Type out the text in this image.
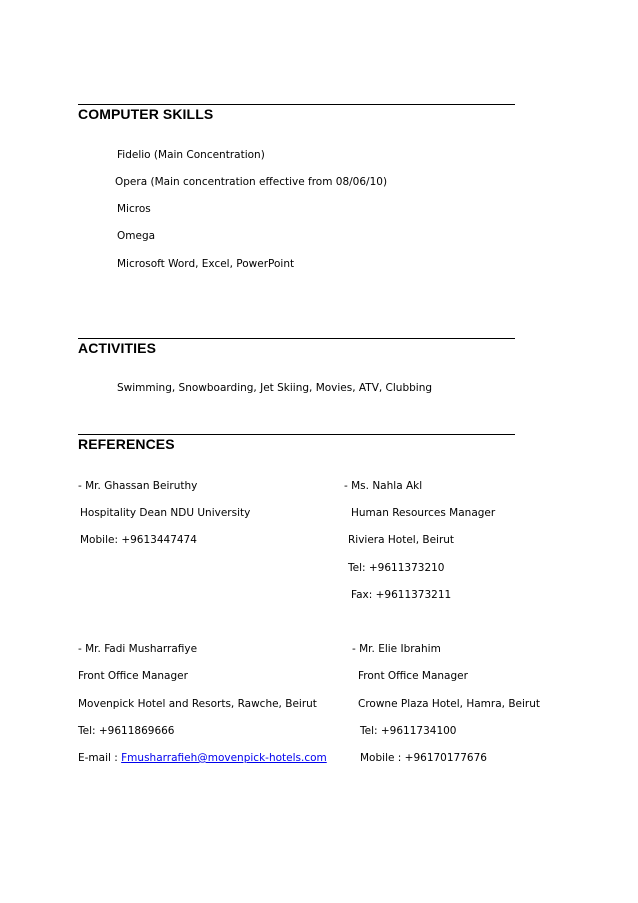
COMPUTER SKILLS
Fidelio (Main Concentration)
Opera (Main concentration effective from 08/06/10)
Micros
Omega
Microsoft Word, Excel, PowerPoint
ACTIVITIES
Swimming, Snowboarding, Jet Skiing, Movies, ATV, Clubbing
REFERENCES
- Mr. Ghassan Beiruthy
Hospitality Dean NDU University
Mobile: +9613447474
- Ms. Nahla Akl
Human Resources Manager
Riviera Hotel, Beirut
Tel: +9611373210
Fax: +9611373211
- Mr. Fadi Musharrafiye
Front Office Manager
Movenpick Hotel and Resorts, Rawche, Beirut
Tel: +9611869666
E-mail : Fmusharrafieh@movenpick-hotels.com
- Mr. Elie Ibrahim
Front Office Manager
Crowne Plaza Hotel, Hamra, Beirut
Tel: +9611734100
Mobile : +96170177676
